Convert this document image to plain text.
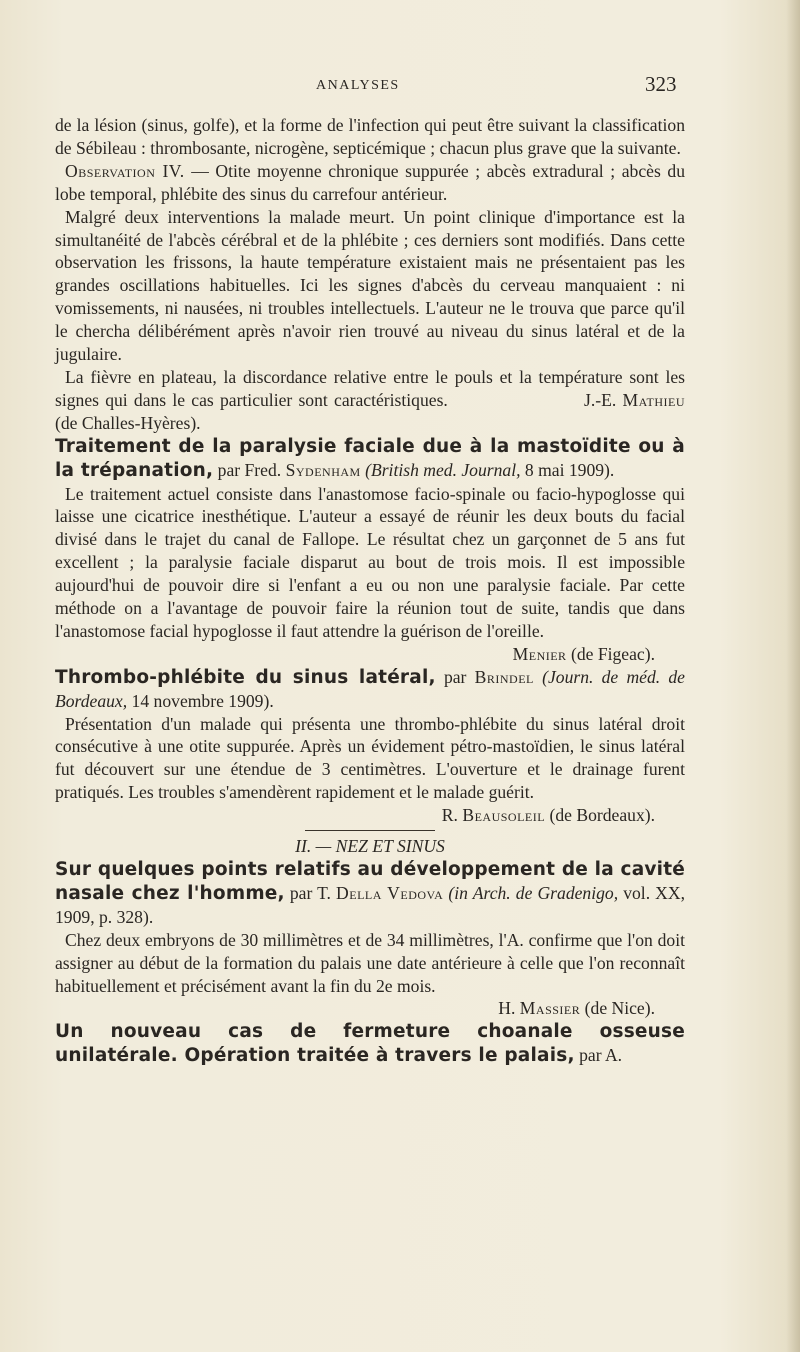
ANALYSES	323

de la lésion (sinus, golfe), et la forme de l'infection qui peut être suivant la classification de Sébileau : thrombosante, nicrogène, septicémique ; chacun plus grave que la suivante.

Observation IV. — Otite moyenne chronique suppurée ; abcès extradural ; abcès du lobe temporal, phlébite des sinus du carrefour antérieur.

Malgré deux interventions la malade meurt. Un point clinique d'importance est la simultanéité de l'abcès cérébral et de la phlébite ; ces derniers sont modifiés. Dans cette observation les frissons, la haute température existaient mais ne présentaient pas les grandes oscillations habituelles. Ici les signes d'abcès du cerveau manquaient : ni vomissements, ni nausées, ni troubles intellectuels. L'auteur ne le trouva que parce qu'il le chercha délibérément après n'avoir rien trouvé au niveau du sinus latéral et de la jugulaire.

La fièvre en plateau, la discordance relative entre le pouls et la température sont les signes qui dans le cas particulier sont caractéristiques.	J.-E. Mathieu (de Challes-Hyères).

Traitement de la paralysie faciale due à la mastoïdite ou à la trépanation, par Fred. Sydenham (British med. Journal, 8 mai 1909).

Le traitement actuel consiste dans l'anastomose facio-spinale ou facio-hypoglosse qui laisse une cicatrice inesthétique. L'auteur a essayé de réunir les deux bouts du facial divisé dans le trajet du canal de Fallope. Le résultat chez un garçonnet de 5 ans fut excellent ; la paralysie faciale disparut au bout de trois mois. Il est impossible aujourd'hui de pouvoir dire si l'enfant a eu ou non une paralysie faciale. Par cette méthode on a l'avantage de pouvoir faire la réunion tout de suite, tandis que dans l'anastomose facial hypoglosse il faut attendre la guérison de l'oreille.

Menier (de Figeac).

Thrombo-phlébite du sinus latéral, par Brindel (Journ. de méd. de Bordeaux, 14 novembre 1909).

Présentation d'un malade qui présenta une thrombo-phlébite du sinus latéral droit consécutive à une otite suppurée. Après un évidement pétro-mastoïdien, le sinus latéral fut découvert sur une étendue de 3 centimètres. L'ouverture et le drainage furent pratiqués. Les troubles s'amendèrent rapidement et le malade guérit.

R. Beausoleil (de Bordeaux).

II. — NEZ ET SINUS

Sur quelques points relatifs au développement de la cavité nasale chez l'homme, par T. Della Vedova (in Arch. de Gradenigo, vol. XX, 1909, p. 328).

Chez deux embryons de 30 millimètres et de 34 millimètres, l'A. confirme que l'on doit assigner au début de la formation du palais une date antérieure à celle que l'on reconnaît habituellement et précisément avant la fin du 2e mois.

H. Massier (de Nice).

Un nouveau cas de fermeture choanale osseuse unilatérale. Opération traitée à travers le palais, par A.
